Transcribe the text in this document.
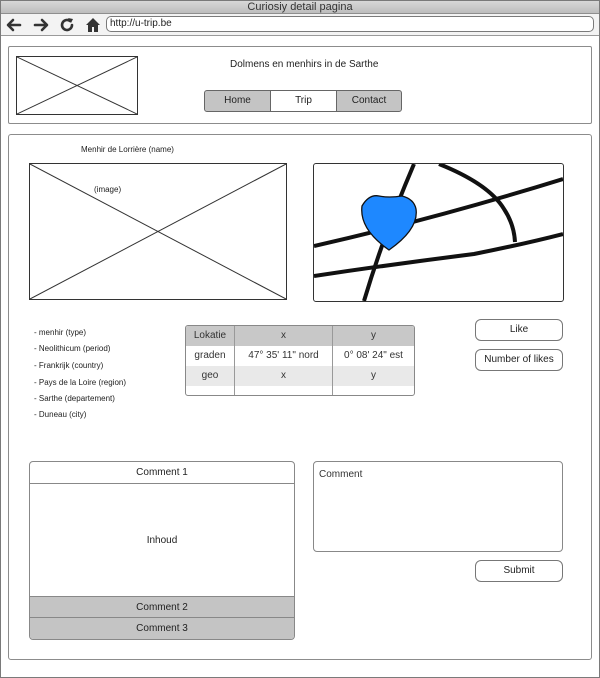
Curiosiy detail pagina
http://u-trip.be
Dolmens en menhirs in de Sarthe
Home	Trip	Contact
Menhir de Lorrière (name)
(image)
- menhir (type)
- Neolithicum (period)
- Frankrijk (country)
- Pays de la Loire (region)
- Sarthe (departement)
- Duneau (city)
Lokatie	x	y
graden	47° 35' 11" nord	0° 08' 24" est
geo	x	y
Like
Number of likes
Comment 1
Inhoud
Comment 2
Comment 3
Comment
Submit
